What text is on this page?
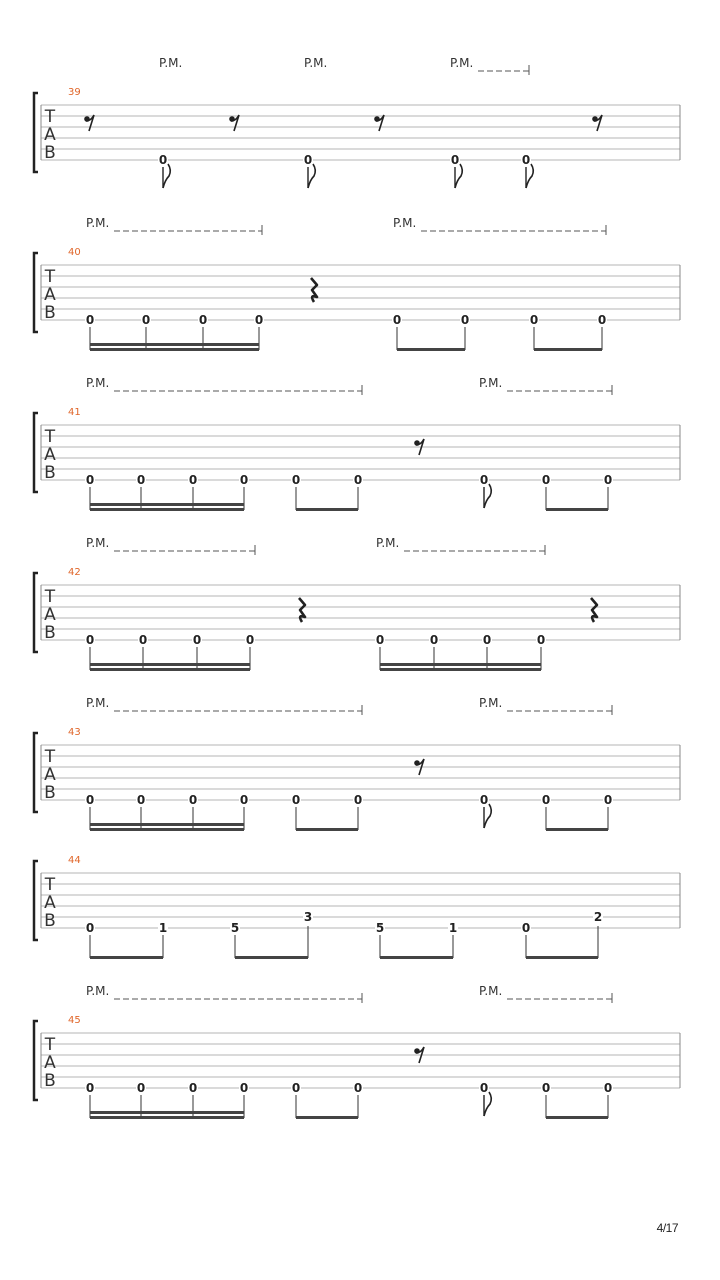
T
A
B
39
P.M.	P.M.	P.M.
0	0	0	0
T
A
B
40
P.M.	P.M.
0	0	0	0	0	0	0	0
T
A
B
41
P.M.	P.M.
0	0	0	0	0	0	0	0	0
T
A
B
42
P.M.	P.M.
0	0	0	0	0	0	0	0
T
A
B
43
P.M.	P.M.
0	0	0	0	0	0	0	0	0
T
A
B
44
0	1	5
3
5	1	0
2
T
A
B
45
P.M.	P.M.
0	0	0	0	0	0	0	0	0
4/17
